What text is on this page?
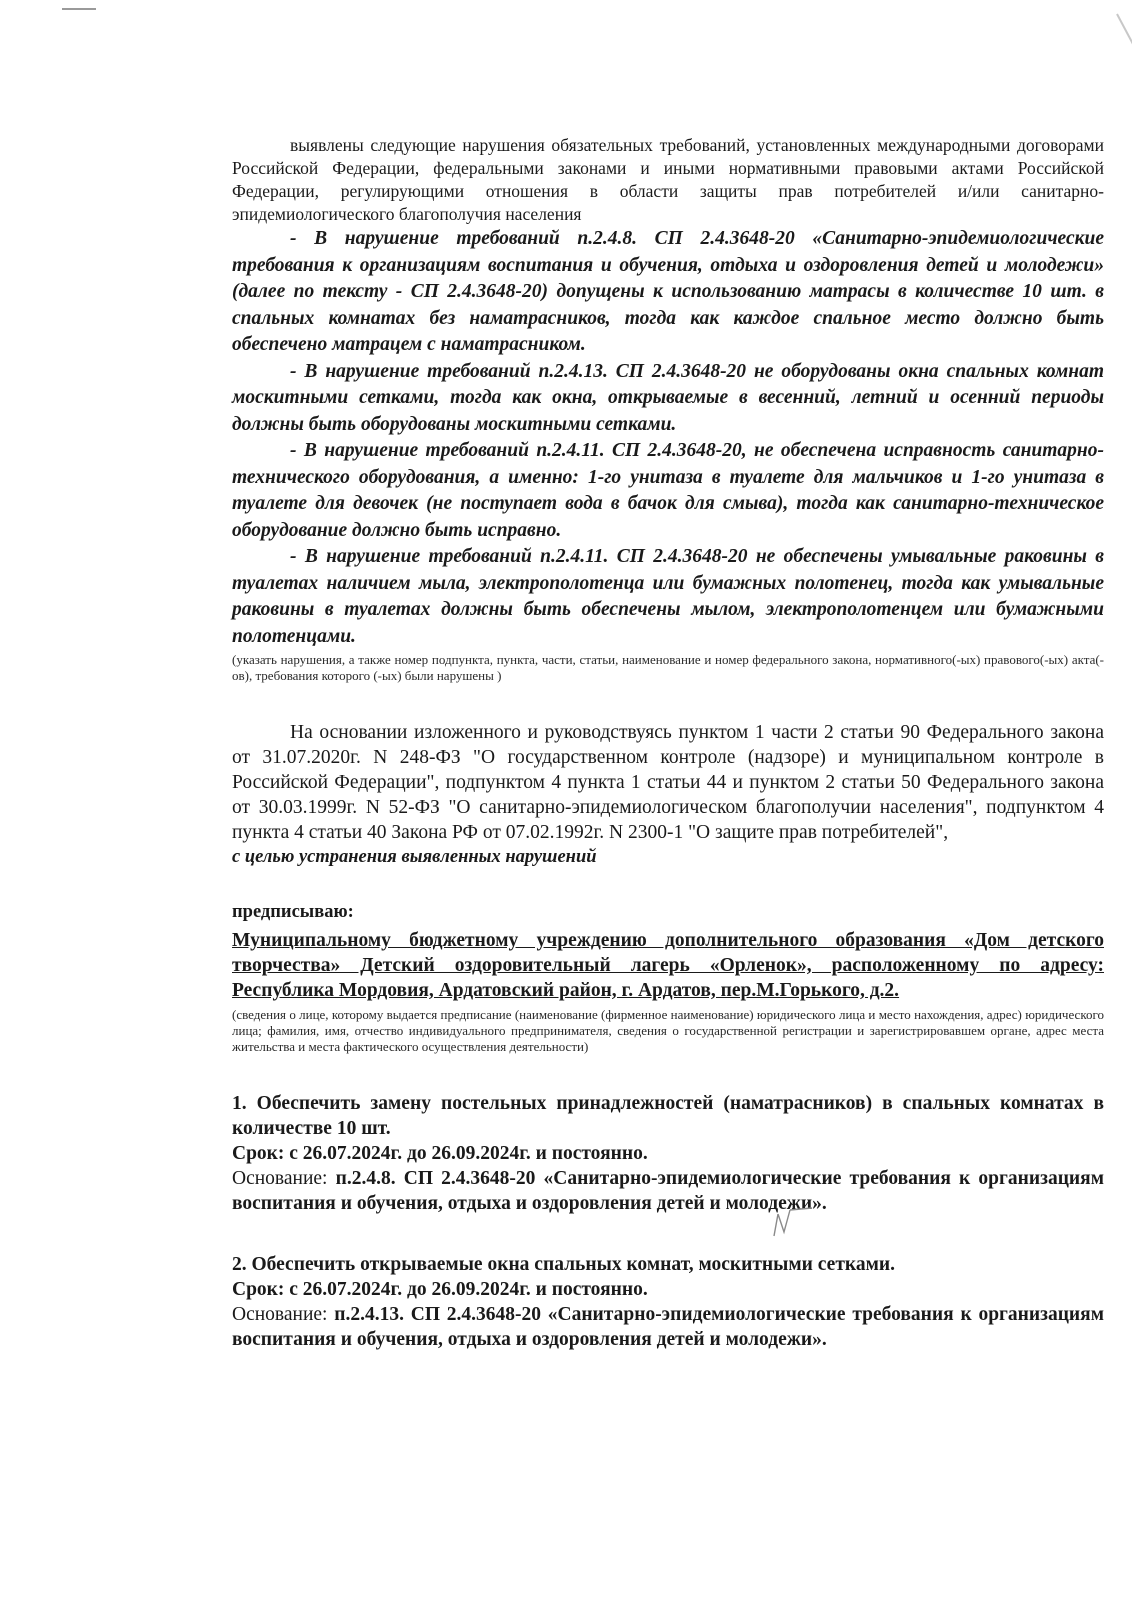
выявлены следующие нарушения обязательных требований, установленных международными договорами Российской Федерации, федеральными законами и иными нормативными правовыми актами Российской Федерации, регулирующими отношения в области защиты прав потребителей и/или санитарно-эпидемиологического благополучия населения

- В нарушение требований п.2.4.8. СП 2.4.3648-20 «Санитарно-эпидемиологические требования к организациям воспитания и обучения, отдыха и оздоровления детей и молодежи» (далее по тексту - СП 2.4.3648-20) допущены к использованию матрасы в количестве 10 шт. в спальных комнатах без наматрасников, тогда как каждое спальное место должно быть обеспечено матрацем с наматрасником.

- В нарушение требований п.2.4.13. СП 2.4.3648-20 не оборудованы окна спальных комнат москитными сетками, тогда как окна, открываемые в весенний, летний и осенний периоды должны быть оборудованы москитными сетками.

- В нарушение требований п.2.4.11. СП 2.4.3648-20, не обеспечена исправность санитарно-технического оборудования, а именно: 1-го унитаза в туалете для мальчиков и 1-го унитаза в туалете для девочек (не поступает вода в бачок для смыва), тогда как санитарно-техническое оборудование должно быть исправно.

- В нарушение требований п.2.4.11. СП 2.4.3648-20 не обеспечены умывальные раковины в туалетах наличием мыла, электрополотенца или бумажных полотенец, тогда как умывальные раковины в туалетах должны быть обеспечены мылом, электрополотенцем или бумажными полотенцами.

(указать нарушения, а также номер подпункта, пункта, части, статьи, наименование и номер федерального закона, нормативного(-ых) правового(-ых) акта(-ов), требования которого (-ых) были нарушены )

На основании изложенного и руководствуясь пунктом 1 части 2 статьи 90 Федерального закона от 31.07.2020г. N 248-ФЗ "О государственном контроле (надзоре) и муниципальном контроле в Российской Федерации", подпунктом 4 пункта 1 статьи 44 и пунктом 2 статьи 50 Федерального закона от 30.03.1999г. N 52-ФЗ "О санитарно-эпидемиологическом благополучии населения", подпунктом 4 пункта 4 статьи 40 Закона РФ от 07.02.1992г. N 2300-1 "О защите прав потребителей",

с целью устранения выявленных нарушений

предписываю:

Муниципальному бюджетному учреждению дополнительного образования «Дом детского творчества» Детский оздоровительный лагерь «Орленок», расположенному по адресу: Республика Мордовия, Ардатовский район, г. Ардатов, пер.М.Горького, д.2.

(сведения о лице, которому выдается предписание (наименование (фирменное наименование) юридического лица и место нахождения, адрес) юридического лица; фамилия, имя, отчество индивидуального предпринимателя, сведения о государственной регистрации и зарегистрировавшем органе, адрес места жительства и места фактического осуществления деятельности)

1. Обеспечить замену постельных принадлежностей (наматрасников) в спальных комнатах в количестве 10 шт.

Срок: с 26.07.2024г. до 26.09.2024г. и постоянно.

Основание: п.2.4.8. СП 2.4.3648-20 «Санитарно-эпидемиологические требования к организациям воспитания и обучения, отдыха и оздоровления детей и молодежи».

2. Обеспечить открываемые окна спальных комнат, москитными сетками.

Срок: с 26.07.2024г. до 26.09.2024г. и постоянно.

Основание: п.2.4.13. СП 2.4.3648-20 «Санитарно-эпидемиологические требования к организациям воспитания и обучения, отдыха и оздоровления детей и молодежи».
